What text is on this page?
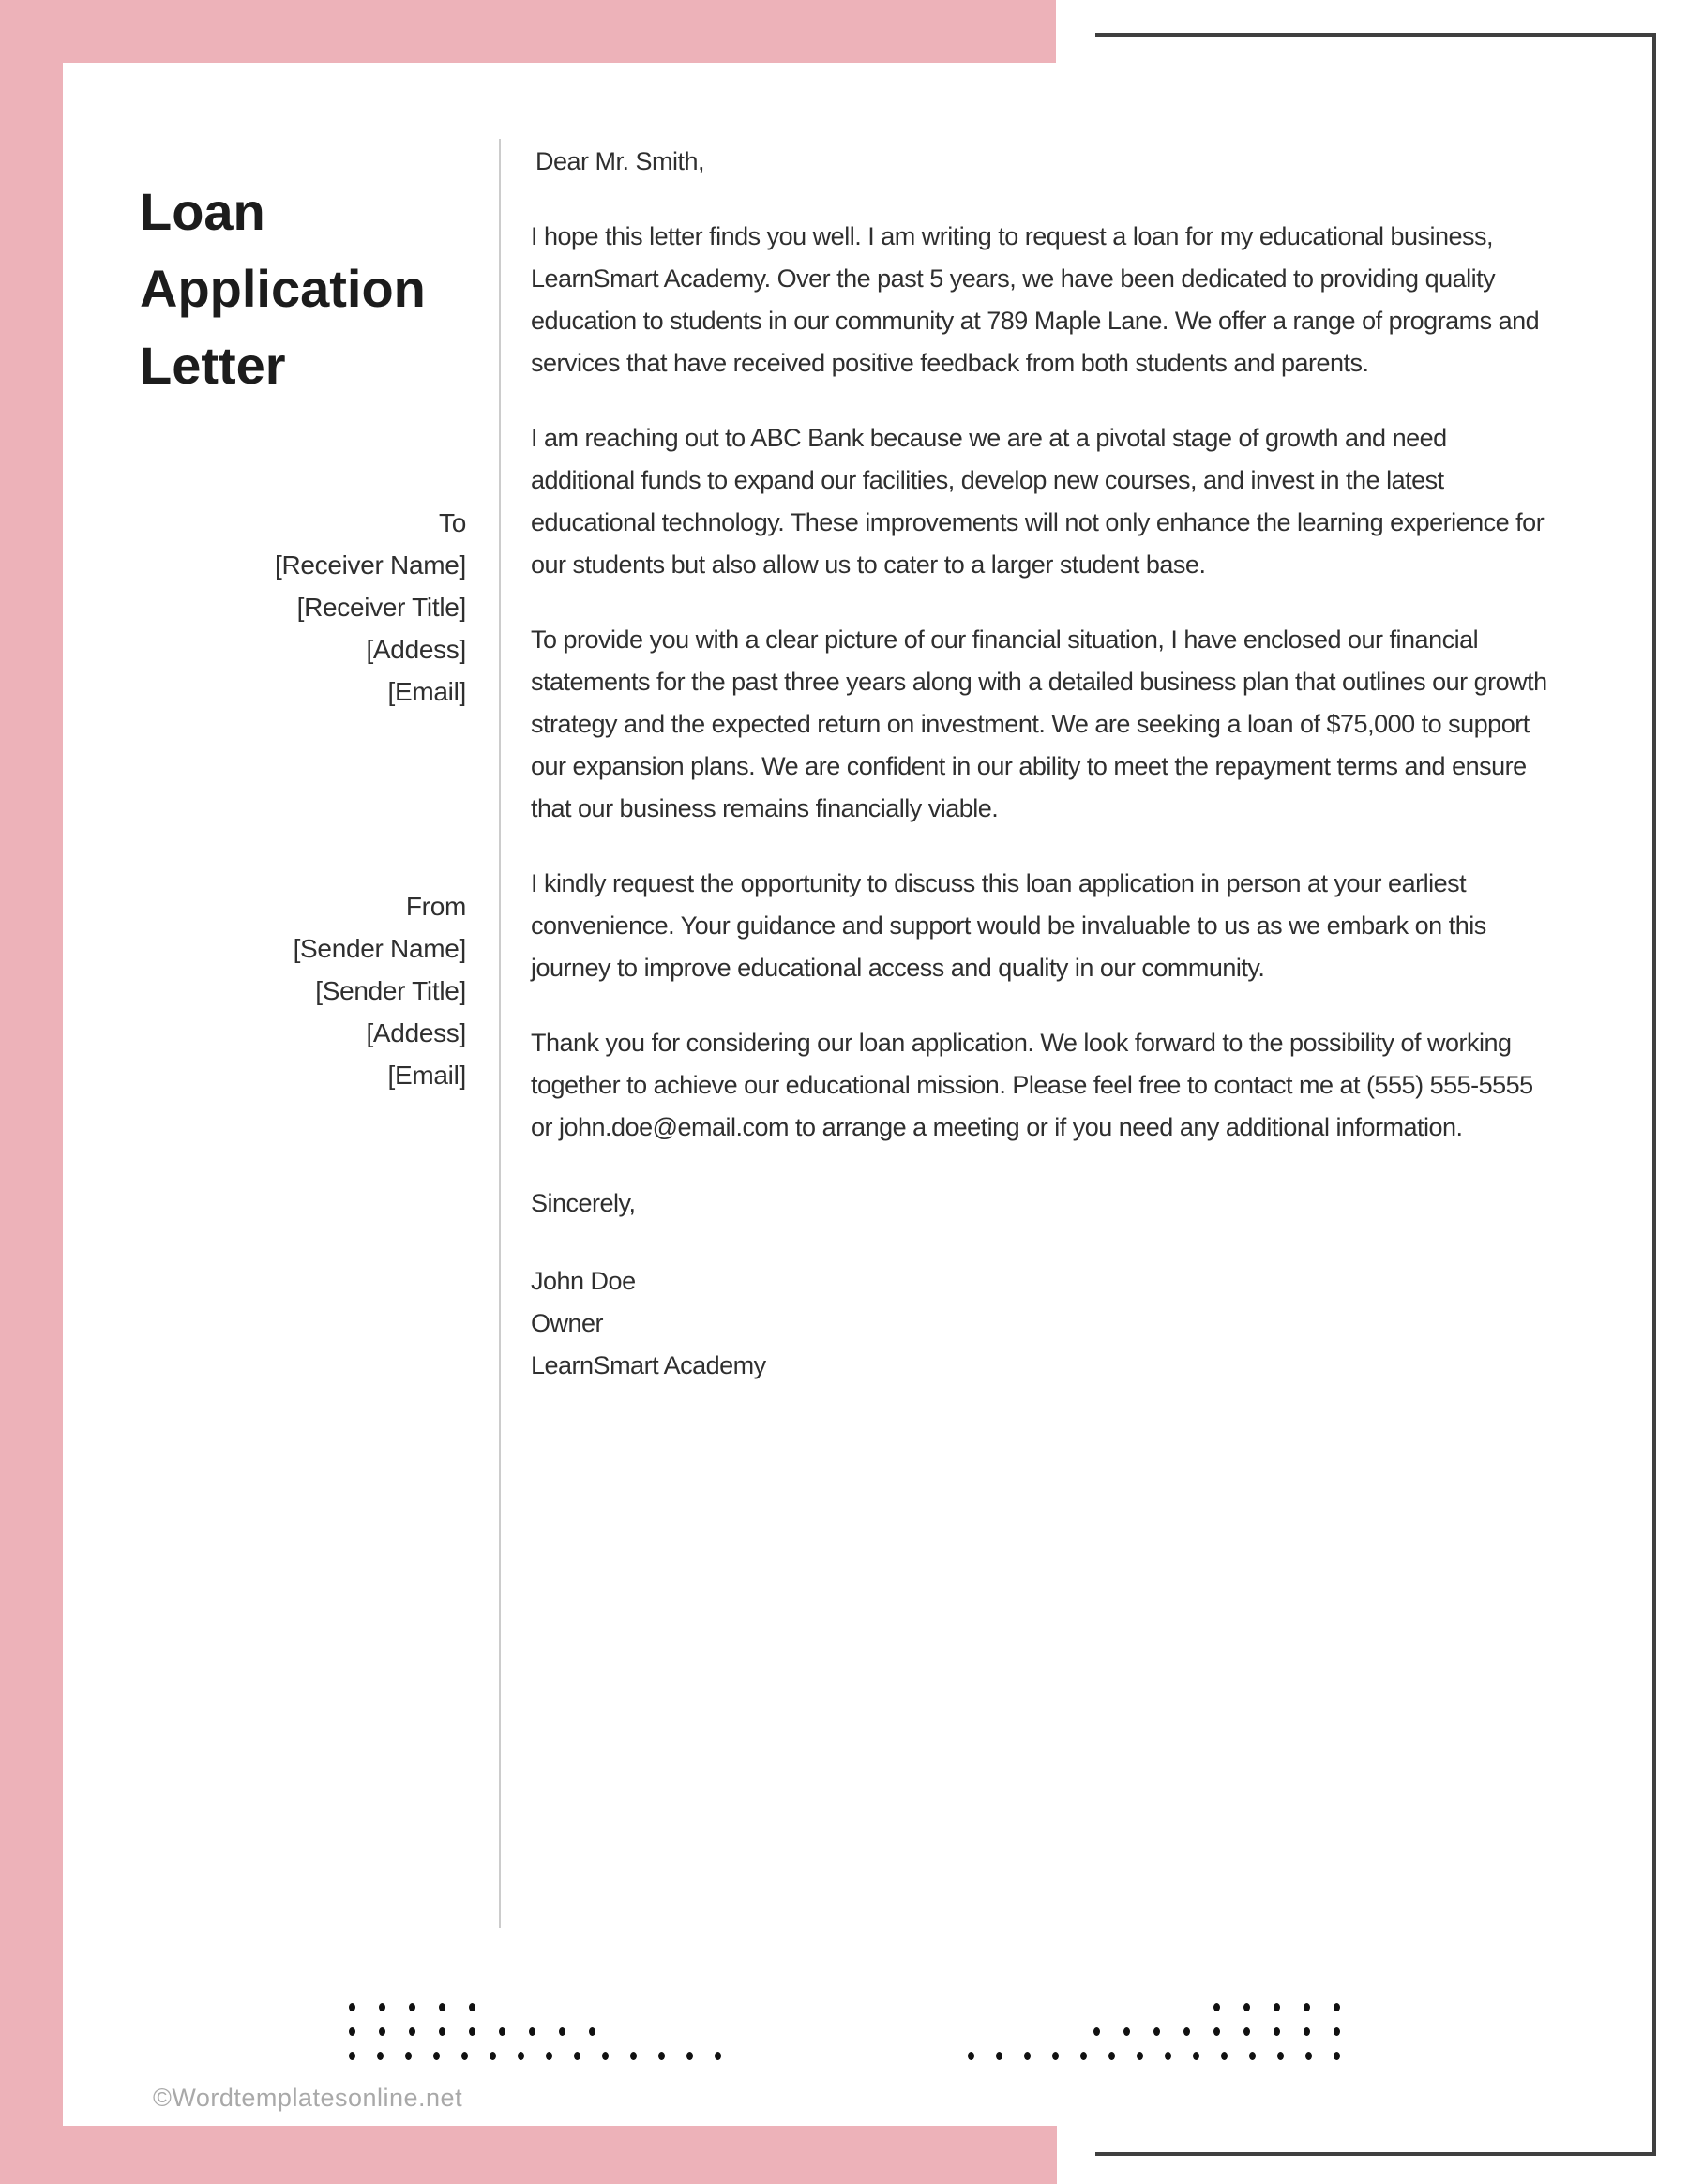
Loan Application Letter
To
[Receiver Name]
[Receiver Title]
[Addess]
[Email]
From
[Sender Name]
[Sender Title]
[Addess]
[Email]
Dear Mr. Smith,

I hope this letter finds you well. I am writing to request a loan for my educational business, LearnSmart Academy. Over the past 5 years, we have been dedicated to providing quality education to students in our community at 789 Maple Lane. We offer a range of programs and services that have received positive feedback from both students and parents.

I am reaching out to ABC Bank because we are at a pivotal stage of growth and need additional funds to expand our facilities, develop new courses, and invest in the latest educational technology. These improvements will not only enhance the learning experience for our students but also allow us to cater to a larger student base.

To provide you with a clear picture of our financial situation, I have enclosed our financial statements for the past three years along with a detailed business plan that outlines our growth strategy and the expected return on investment. We are seeking a loan of $75,000 to support our expansion plans. We are confident in our ability to meet the repayment terms and ensure that our business remains financially viable.

I kindly request the opportunity to discuss this loan application in person at your earliest convenience. Your guidance and support would be invaluable to us as we embark on this journey to improve educational access and quality in our community.

Thank you for considering our loan application. We look forward to the possibility of working together to achieve our educational mission. Please feel free to contact me at (555) 555-5555 or john.doe@email.com to arrange a meeting or if you need any additional information.

Sincerely,

John Doe

Owner

LearnSmart Academy

©Wordtemplatesonline.net
